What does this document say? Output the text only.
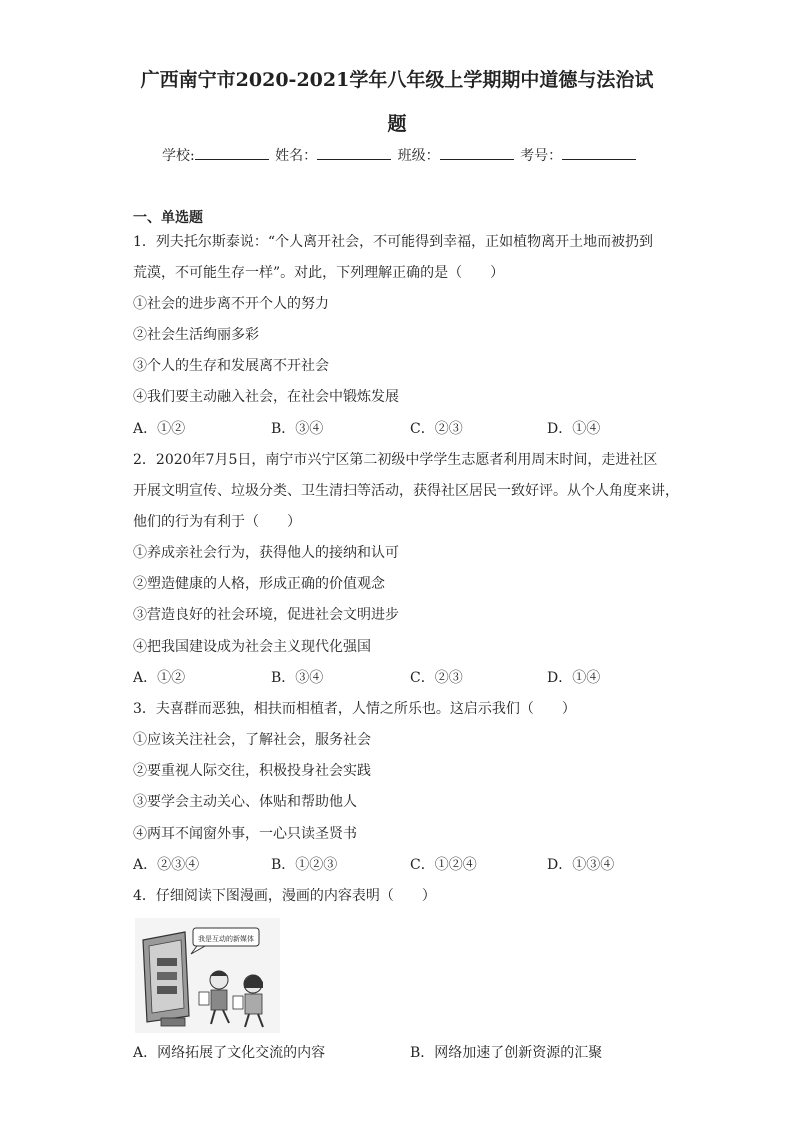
广西南宁市2020-2021学年八年级上学期期中道德与法治试
题
学校:	姓名：	班级：	考号：
一、单选题
1．列夫托尔斯泰说：“个人离开社会，不可能得到幸福，正如植物离开土地而被扔到
荒漠，不可能生存一样”。对此，下列理解正确的是（　　）
①社会的进步离不开个人的努力
②社会生活绚丽多彩
③个人的生存和发展离不开社会
④我们要主动融入社会，在社会中锻炼发展
A．①②	B．③④	C．②③	D．①④
2．2020年7月5日，南宁市兴宁区第二初级中学学生志愿者利用周末时间，走进社区
开展文明宣传、垃圾分类、卫生清扫等活动，获得社区居民一致好评。从个人角度来讲，
他们的行为有利于（　　）
①养成亲社会行为，获得他人的接纳和认可
②塑造健康的人格，形成正确的价值观念
③营造良好的社会环境，促进社会文明进步
④把我国建设成为社会主义现代化强国
A．①②	B．③④	C．②③	D．①④
3．夫喜群而恶独，相扶而相植者，人情之所乐也。这启示我们（　　）
①应该关注社会，了解社会，服务社会
②要重视人际交往，积极投身社会实践
③要学会主动关心、体贴和帮助他人
④两耳不闻窗外事，一心只读圣贤书
A．②③④	B．①②③	C．①②④	D．①③④
4．仔细阅读下图漫画，漫画的内容表明（　　）
我是互动的新媒体
A．网络拓展了文化交流的内容	B．网络加速了创新资源的汇聚
